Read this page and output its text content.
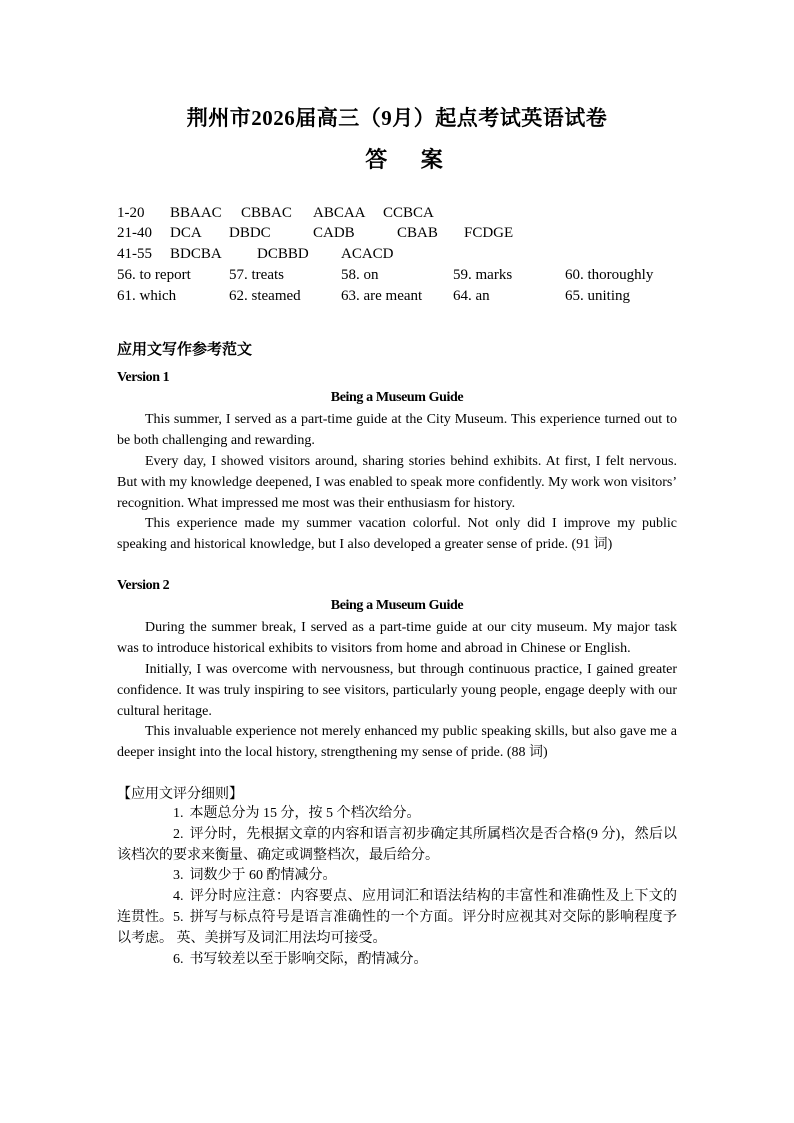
荆州市2026届高三（9月）起点考试英语试卷
答 案
1-20 BBAAC CBBAC ABCAA CCBCA
21-40 DCA DBDC	CADB	CBAB FCDGE
41-55 BDCBA DCBBD ACACD
56. to report	57. treats	58. on	59. marks	60. thoroughly
61. which	62. steamed	63. are meant 64. an	65. uniting
应用文写作参考范文
Version 1
Being a Museum Guide

This summer, I served as a part-time guide at the City Museum. This experience turned out to be both challenging and rewarding.

Every day, I showed visitors around, sharing stories behind exhibits. At first, I felt nervous. But with my knowledge deepened, I was enabled to speak more confidently. My work won visitors’ recognition. What impressed me most was their enthusiasm for history.

This experience made my summer vacation colorful. Not only did I improve my public speaking and historical knowledge, but I also developed a greater sense of pride. (91 词)

Version 2
Being a Museum Guide

During the summer break, I served as a part-time guide at our city museum. My major task was to introduce historical exhibits to visitors from home and abroad in Chinese or English.

Initially, I was overcome with nervousness, but through continuous practice, I gained greater confidence. It was truly inspiring to see visitors, particularly young people, engage deeply with our cultural heritage.

This invaluable experience not merely enhanced my public speaking skills, but also gave me a deeper insight into the local history, strengthening my sense of pride. (88 词)

【应用文评分细则】

1. 本题总分为 15 分，按 5 个档次给分。

2. 评分时，先根据文章的内容和语言初步确定其所属档次是否合格(9 分)，然后以该档次的要求来衡量、确定或调整档次，最后给分。

3. 词数少于 60 酌情减分。

4. 评分时应注意：内容要点、应用词汇和语法结构的丰富性和准确性及上下文的连贯性。 5. 拼写与标点符号是语言准确性的一个方面。评分时应视其对交际的影响程度予以考虑。 英、美拼写及词汇用法均可接受。

6. 书写较差以至于影响交际，酌情减分。
